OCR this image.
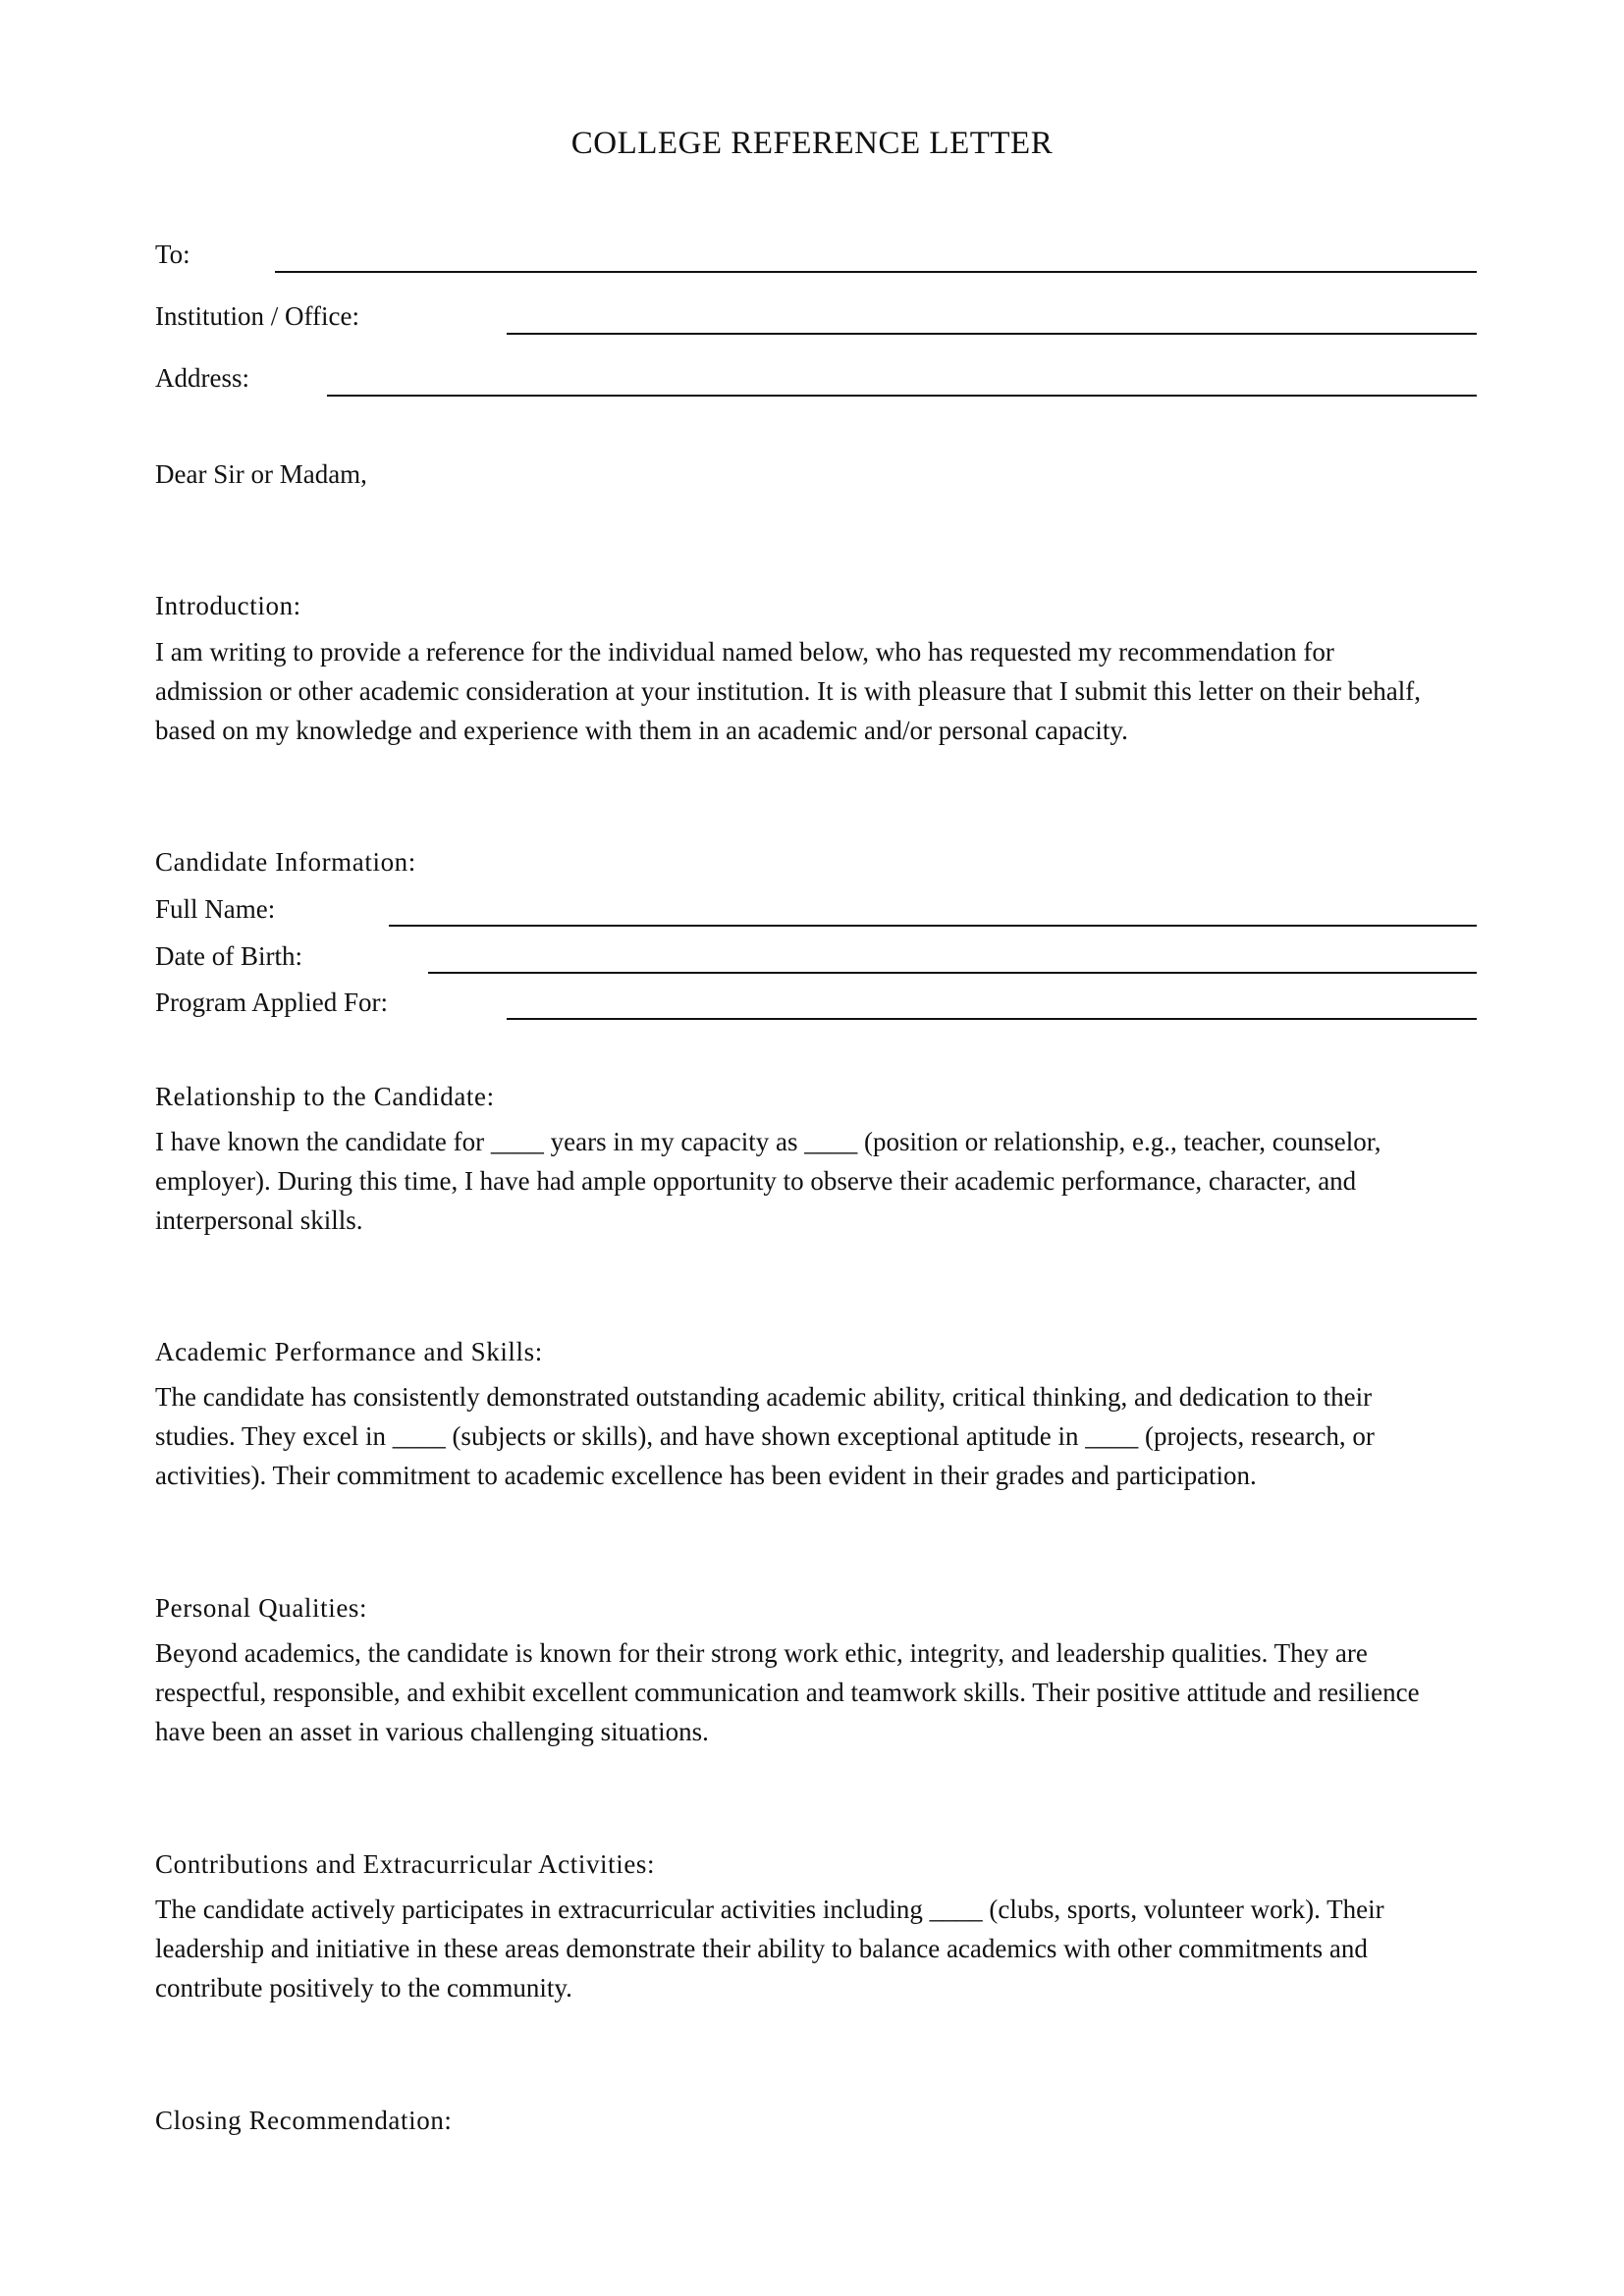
COLLEGE REFERENCE LETTER
To:
Institution / Office:
Address:
Dear Sir or Madam,
Introduction:
I am writing to provide a reference for the individual named below, who has requested my recommendation for
admission or other academic consideration at your institution. It is with pleasure that I submit this letter on their behalf,
based on my knowledge and experience with them in an academic and/or personal capacity.
Candidate Information:
Full Name:
Date of Birth:
Program Applied For:
Relationship to the Candidate:
I have known the candidate for ____ years in my capacity as ____ (position or relationship, e.g., teacher, counselor,
employer). During this time, I have had ample opportunity to observe their academic performance, character, and
interpersonal skills.
Academic Performance and Skills:
The candidate has consistently demonstrated outstanding academic ability, critical thinking, and dedication to their
studies. They excel in ____ (subjects or skills), and have shown exceptional aptitude in ____ (projects, research, or
activities). Their commitment to academic excellence has been evident in their grades and participation.
Personal Qualities:
Beyond academics, the candidate is known for their strong work ethic, integrity, and leadership qualities. They are
respectful, responsible, and exhibit excellent communication and teamwork skills. Their positive attitude and resilience
have been an asset in various challenging situations.
Contributions and Extracurricular Activities:
The candidate actively participates in extracurricular activities including ____ (clubs, sports, volunteer work). Their
leadership and initiative in these areas demonstrate their ability to balance academics with other commitments and
contribute positively to the community.
Closing Recommendation:
